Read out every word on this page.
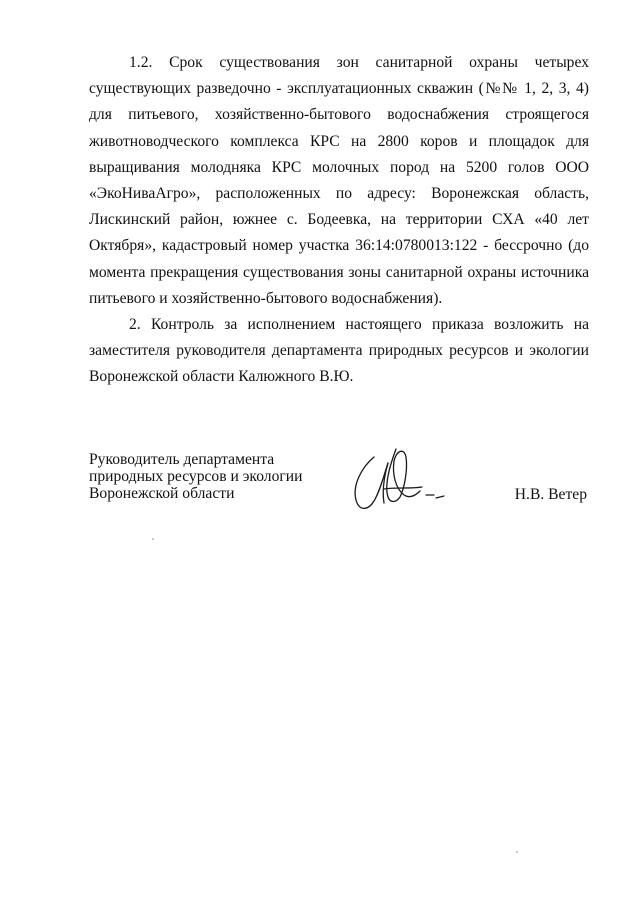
1.2. Срок существования зон санитарной охраны четырех существующих разведочно - эксплуатационных скважин (№№ 1, 2, 3, 4) для питьевого, хозяйственно-бытового водоснабжения строящегося животноводческого комплекса КРС на 2800 коров и площадок для выращивания молодняка КРС молочных пород на 5200 голов ООО «ЭкоНиваАгро», расположенных по адресу: Воронежская область, Лискинский район, южнее с. Бодеевка, на территории СХА «40 лет Октября», кадастровый номер участка 36:14:0780013:122 - бессрочно (до момента прекращения существования зоны санитарной охраны источника питьевого и хозяйственно-бытового водоснабжения).

2. Контроль за исполнением настоящего приказа возложить на заместителя руководителя департамента природных ресурсов и экологии Воронежской области Калюжного В.Ю.

Руководитель департамента
природных ресурсов и экологии
Воронежской области	Н.В. Ветер
